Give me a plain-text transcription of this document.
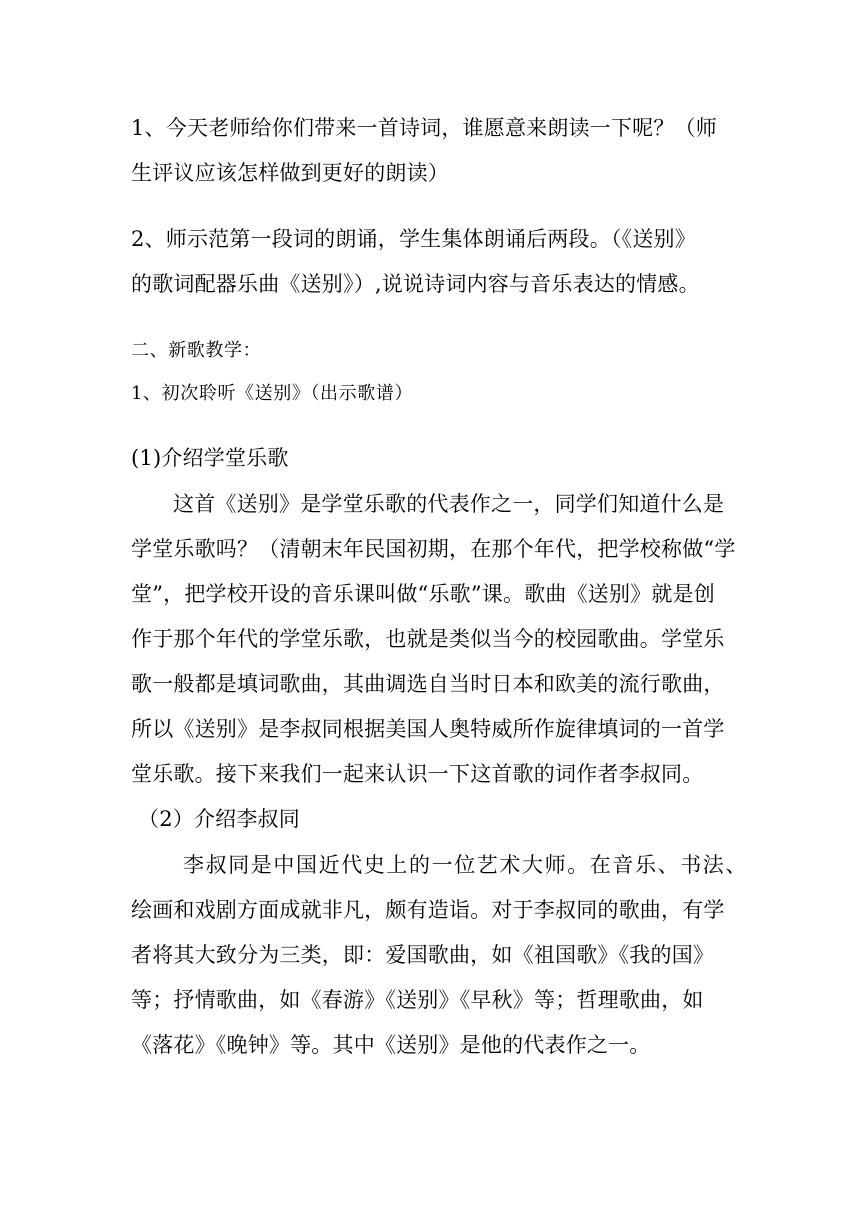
1、今天老师给你们带来一首诗词，谁愿意来朗读一下呢？（师
生评议应该怎样做到更好的朗读）
2、师示范第一段词的朗诵，学生集体朗诵后两段。（《送别》
的歌词配器乐曲《送别》）,说说诗词内容与音乐表达的情感。
二、新歌教学：
1、初次聆听《送别》（出示歌谱）
(1)介绍学堂乐歌
这首《送别》是学堂乐歌的代表作之一，同学们知道什么是
学堂乐歌吗？（清朝末年民国初期，在那个年代，把学校称做“学
堂”，把学校开设的音乐课叫做“乐歌”课。歌曲《送别》就是创
作于那个年代的学堂乐歌，也就是类似当今的校园歌曲。学堂乐
歌一般都是填词歌曲，其曲调选自当时日本和欧美的流行歌曲，
所以《送别》是李叔同根据美国人奥特威所作旋律填词的一首学
堂乐歌。接下来我们一起来认识一下这首歌的词作者李叔同。
（2）介绍李叔同
李叔同是中国近代史上的一位艺术大师。在音乐、书法、
绘画和戏剧方面成就非凡，颇有造诣。对于李叔同的歌曲，有学
者将其大致分为三类，即：爱国歌曲，如《祖国歌》《我的国》
等；抒情歌曲，如《春游》《送别》《早秋》等；哲理歌曲，如
《落花》《晚钟》等。其中《送别》是他的代表作之一。
